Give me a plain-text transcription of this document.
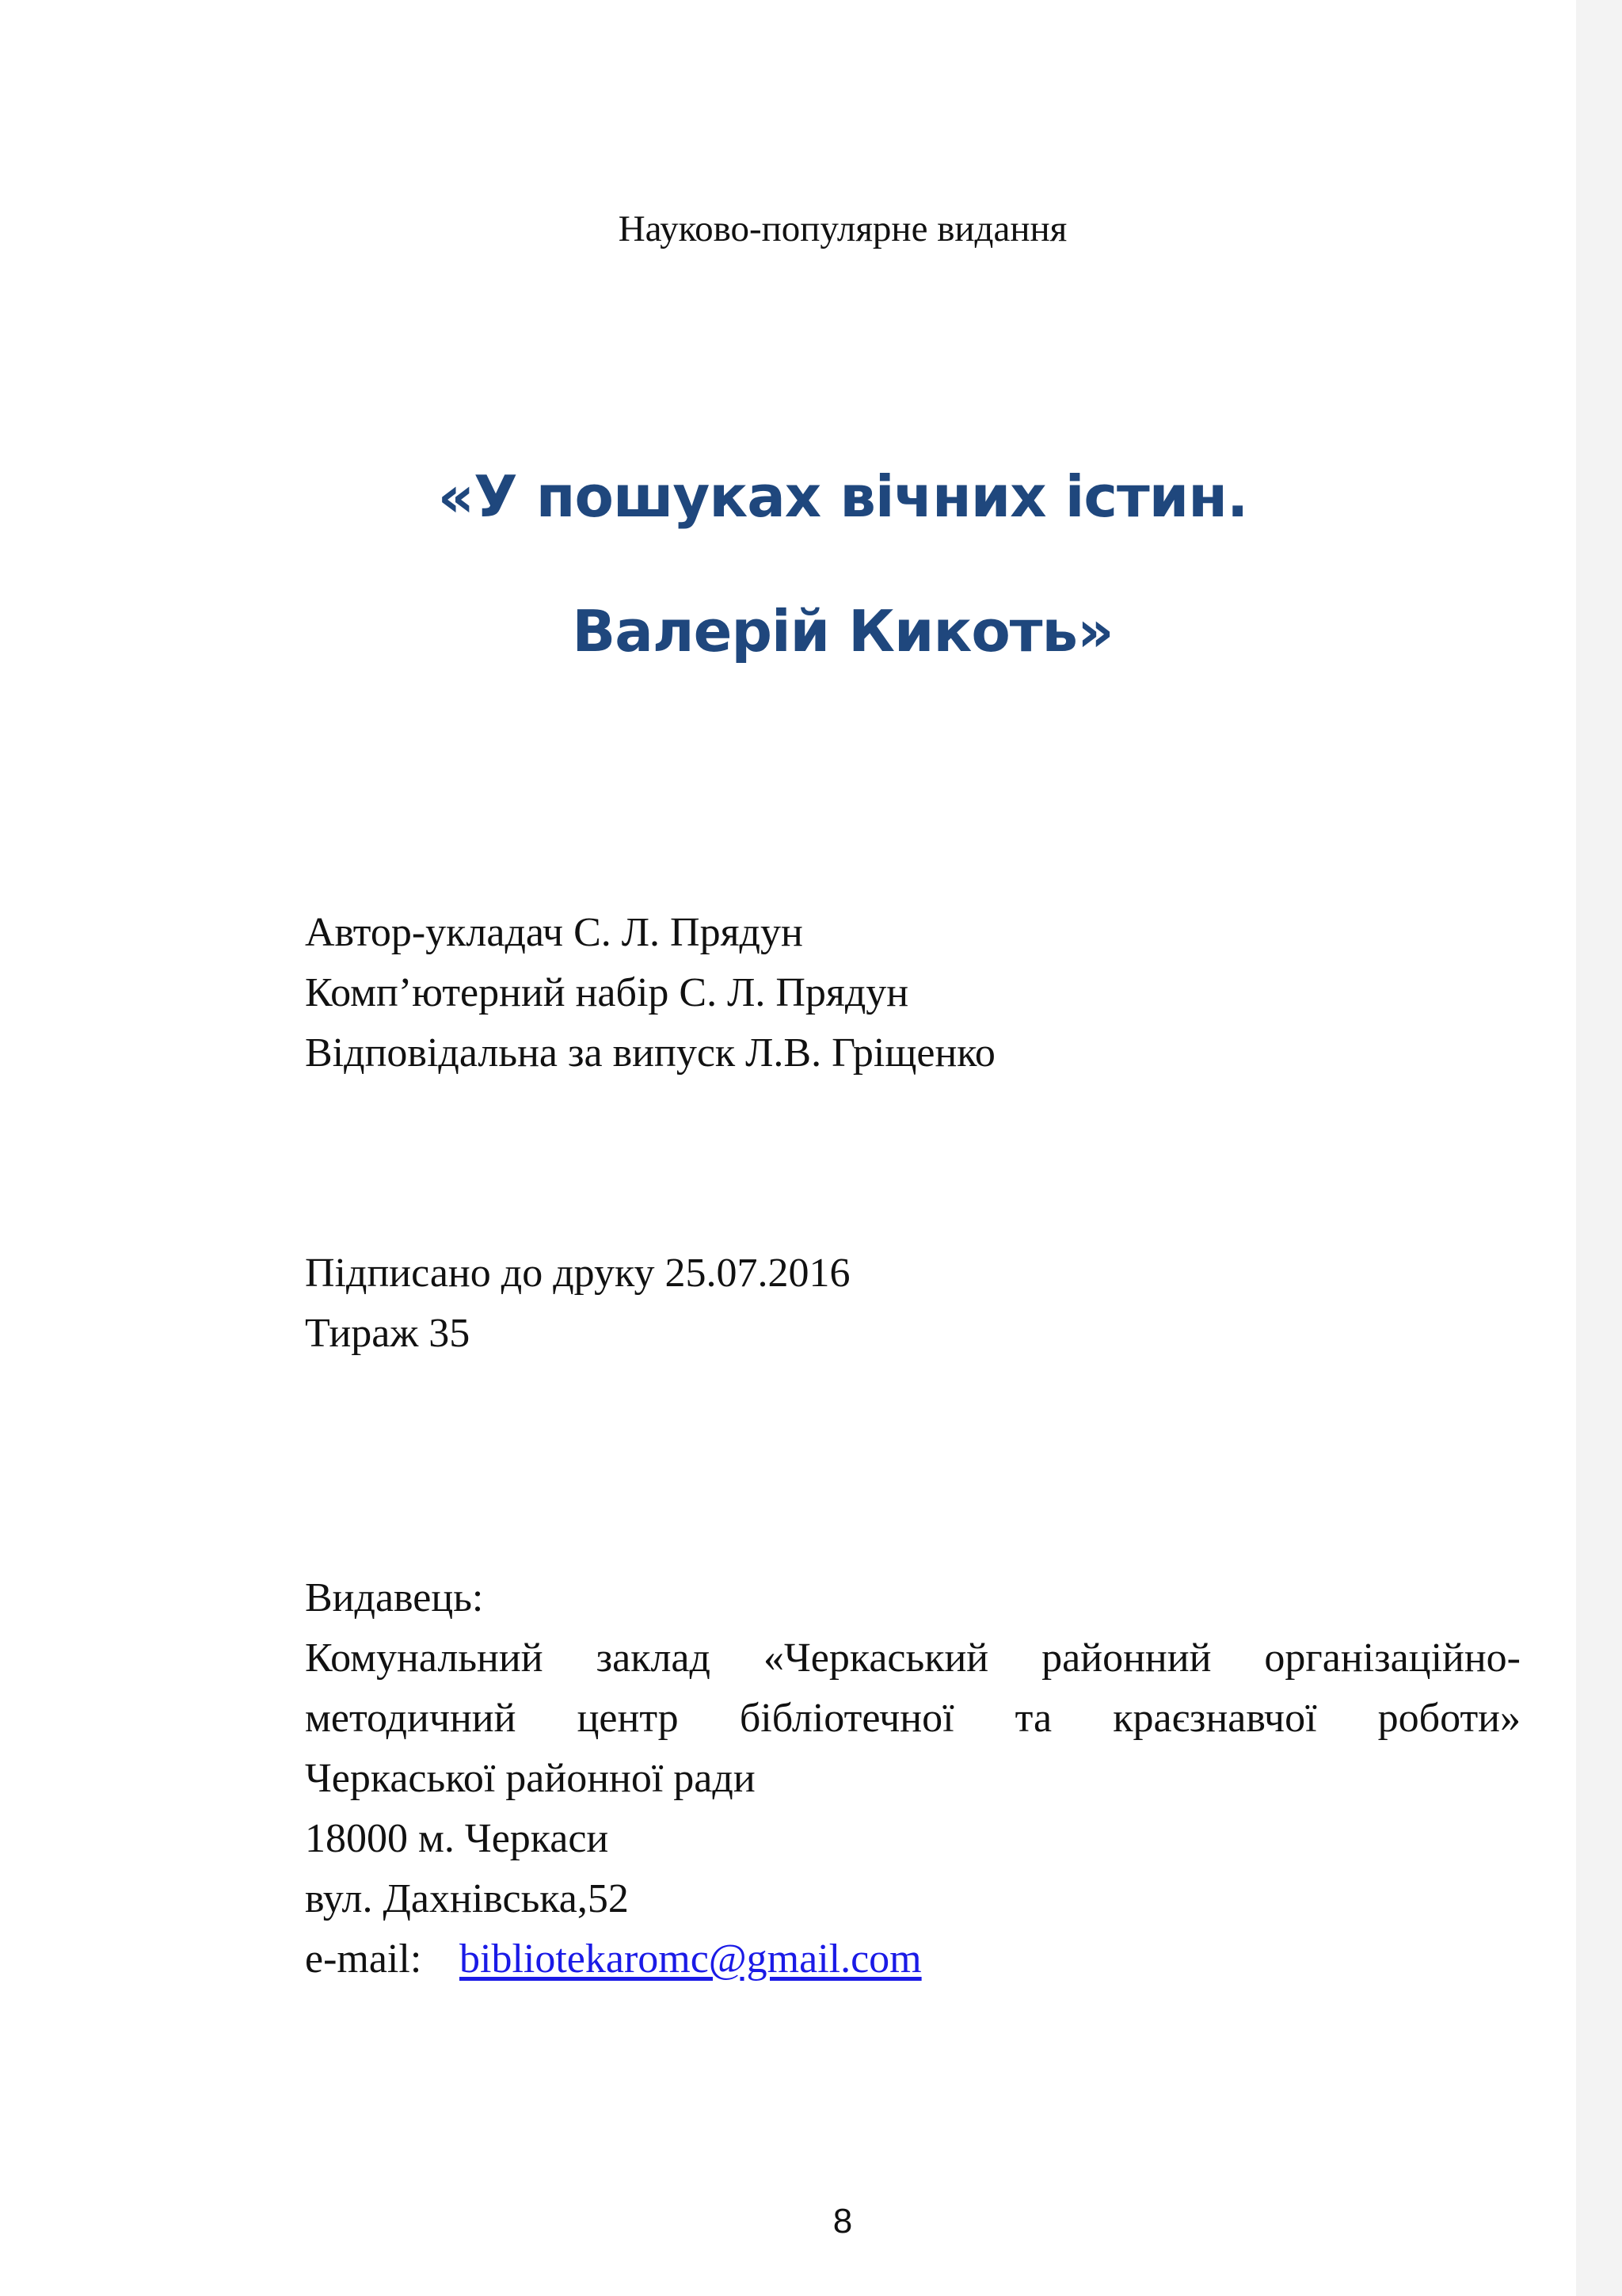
Науково-популярне видання
«У пошуках вічних істин.
Валерій Кикоть»
Автор-укладач С. Л. Прядун
Комп’ютерний набір С. Л. Прядун
Відповідальна за випуск Л.В. Гріщенко
Підписано до друку 25.07.2016
Тираж 35
Видавець:
Комунальний заклад «Черкаський районний організаційно-
методичний центр бібліотечної та краєзнавчої роботи»
Черкаської районної ради
18000 м. Черкаси
вул. Дахнівська,52
e-mail: bibliotekaromc@gmail.com
8
